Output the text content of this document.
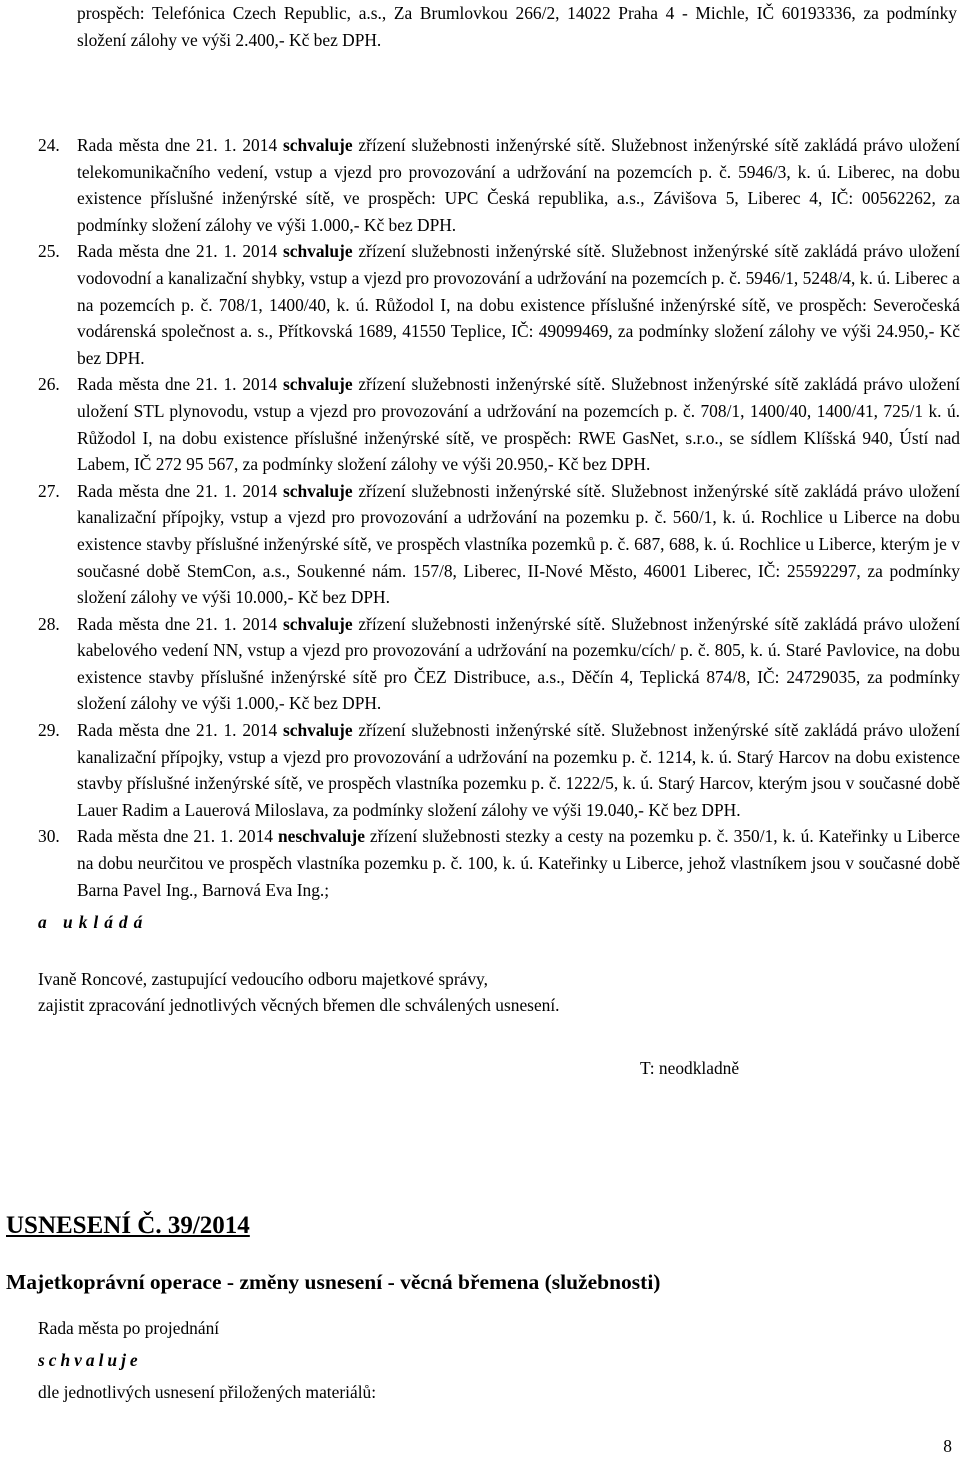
prospěch: Telefónica Czech Republic, a.s., Za Brumlovkou 266/2, 14022 Praha 4 - Michle, IČ 60193336, za podmínky složení zálohy ve výši 2.400,- Kč bez DPH.
24. Rada města dne 21. 1. 2014 schvaluje zřízení služebnosti inženýrské sítě. Služebnost inženýrské sítě zakládá právo uložení telekomunikačního vedení, vstup a vjezd pro provozování a udržování na pozemcích p. č. 5946/3, k. ú. Liberec, na dobu existence příslušné inženýrské sítě, ve prospěch: UPC Česká republika, a.s., Závišova 5, Liberec 4, IČ: 00562262, za podmínky složení zálohy ve výši 1.000,- Kč bez DPH.
25. Rada města dne 21. 1. 2014 schvaluje zřízení služebnosti inženýrské sítě. Služebnost inženýrské sítě zakládá právo uložení vodovodní a kanalizační shybky, vstup a vjezd pro provozování a udržování na pozemcích p. č. 5946/1, 5248/4, k. ú. Liberec a na pozemcích p. č. 708/1, 1400/40, k. ú. Růžodol I, na dobu existence příslušné inženýrské sítě, ve prospěch: Severočeská vodárenská společnost a. s., Přítkovská 1689, 41550 Teplice, IČ: 49099469, za podmínky složení zálohy ve výši 24.950,- Kč bez DPH.
26. Rada města dne 21. 1. 2014 schvaluje zřízení služebnosti inženýrské sítě. Služebnost inženýrské sítě zakládá právo uložení uložení STL plynovodu, vstup a vjezd pro provozování a udržování na pozemcích p. č. 708/1, 1400/40, 1400/41, 725/1 k. ú. Růžodol I, na dobu existence příslušné inženýrské sítě, ve prospěch: RWE GasNet, s.r.o., se sídlem Klíšská 940, Ústí nad Labem, IČ 272 95 567, za podmínky složení zálohy ve výši 20.950,- Kč bez DPH.
27. Rada města dne 21. 1. 2014 schvaluje zřízení služebnosti inženýrské sítě. Služebnost inženýrské sítě zakládá právo uložení kanalizační přípojky, vstup a vjezd pro provozování a udržování na pozemku p. č. 560/1, k. ú. Rochlice u Liberce na dobu existence stavby příslušné inženýrské sítě, ve prospěch vlastníka pozemků p. č. 687, 688, k. ú. Rochlice u Liberce, kterým je v současné době StemCon, a.s., Soukenné nám. 157/8, Liberec, II-Nové Město, 46001 Liberec, IČ: 25592297, za podmínky složení zálohy ve výši 10.000,- Kč bez DPH.
28. Rada města dne 21. 1. 2014 schvaluje zřízení služebnosti inženýrské sítě. Služebnost inženýrské sítě zakládá právo uložení kabelového vedení NN, vstup a vjezd pro provozování a udržování na pozemku/cích/ p. č. 805, k. ú. Staré Pavlovice, na dobu existence stavby příslušné inženýrské sítě pro ČEZ Distribuce, a.s., Děčín 4, Teplická 874/8, IČ: 24729035, za podmínky složení zálohy ve výši 1.000,- Kč bez DPH.
29. Rada města dne 21. 1. 2014 schvaluje zřízení služebnosti inženýrské sítě. Služebnost inženýrské sítě zakládá právo uložení kanalizační přípojky, vstup a vjezd pro provozování a udržování na pozemku p. č. 1214, k. ú. Starý Harcov na dobu existence stavby příslušné inženýrské sítě, ve prospěch vlastníka pozemku p. č. 1222/5, k. ú. Starý Harcov, kterým jsou v současné době Lauer Radim a Lauerová Miloslava, za podmínky složení zálohy ve výši 19.040,- Kč bez DPH.
30. Rada města dne 21. 1. 2014 neschvaluje zřízení služebnosti stezky a cesty na pozemku p. č. 350/1, k. ú. Kateřinky u Liberce na dobu neurčitou ve prospěch vlastníka pozemku p. č. 100, k. ú. Kateřinky u Liberce, jehož vlastníkem jsou v současné době Barna Pavel Ing., Barnová Eva Ing.;
a ukládá
Ivaně Roncové, zastupující vedoucího odboru majetkové správy,
zajistit zpracování jednotlivých věcných břemen dle schválených usnesení.
T: neodkladně
USNESENÍ Č. 39/2014
Majetkoprávní operace - změny usnesení - věcná břemena (služebnosti)
Rada města po projednání
schvaluje
dle jednotlivých usnesení přiložených materiálů:
8
